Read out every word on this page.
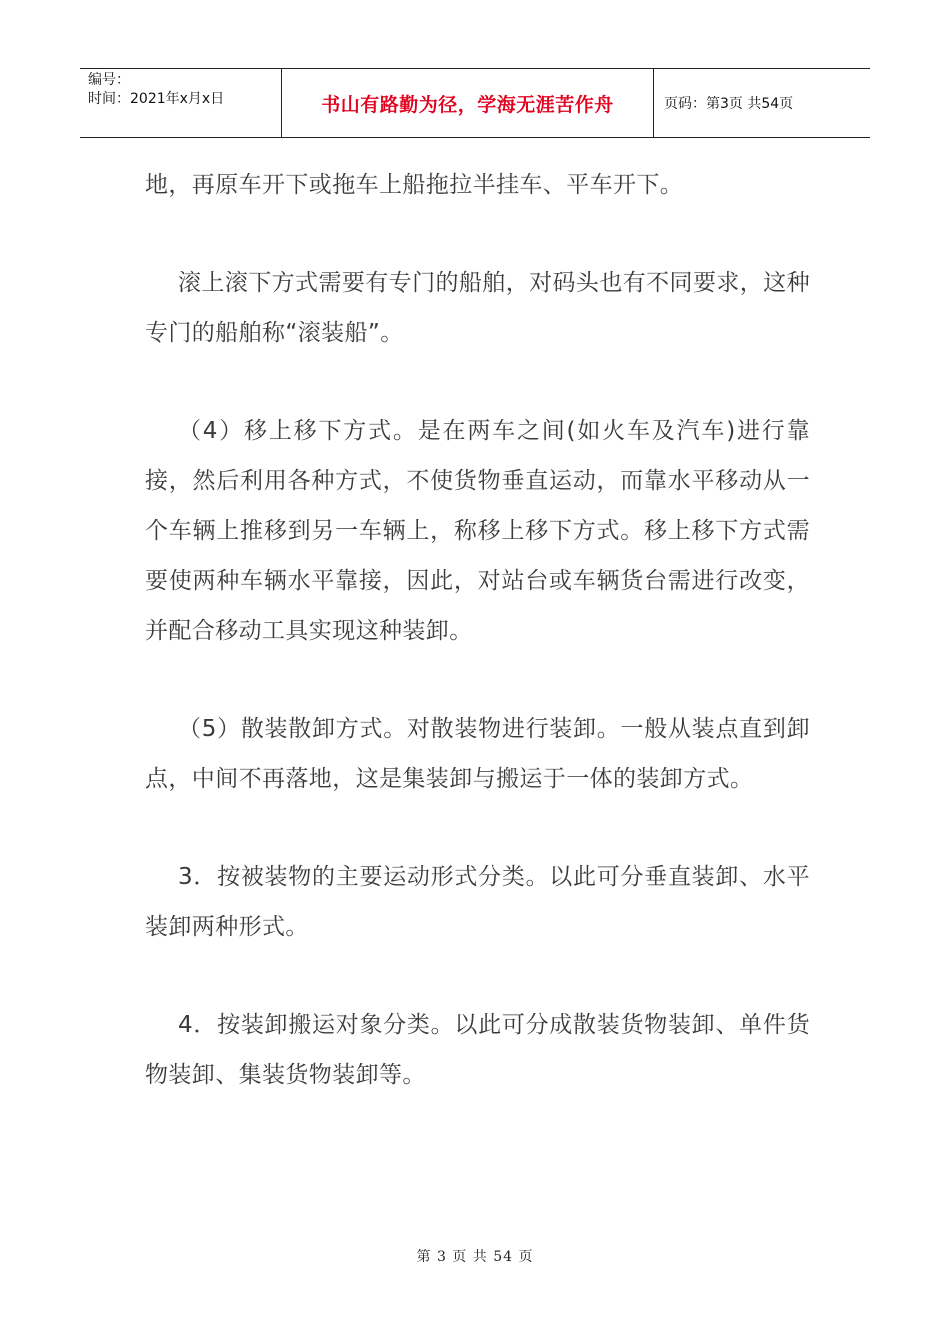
编号：
时间：2021年x月x日	书山有路勤为径，学海无涯苦作舟	页码：第3页 共54页

地，再原车开下或拖车上船拖拉半挂车、平车开下。

滚上滚下方式需要有专门的船舶，对码头也有不同要求，这种专门的船舶称“滚装船”。

（4）移上移下方式。是在两车之间(如火车及汽车)进行靠接，然后利用各种方式，不使货物垂直运动，而靠水平移动从一个车辆上推移到另一车辆上，称移上移下方式。移上移下方式需要使两种车辆水平靠接，因此，对站台或车辆货台需进行改变，并配合移动工具实现这种装卸。

（5）散装散卸方式。对散装物进行装卸。一般从装点直到卸点，中间不再落地，这是集装卸与搬运于一体的装卸方式。

3．按被装物的主要运动形式分类。以此可分垂直装卸、水平装卸两种形式。

4．按装卸搬运对象分类。以此可分成散装货物装卸、单件货物装卸、集装货物装卸等。

第 3 页 共 54 页
